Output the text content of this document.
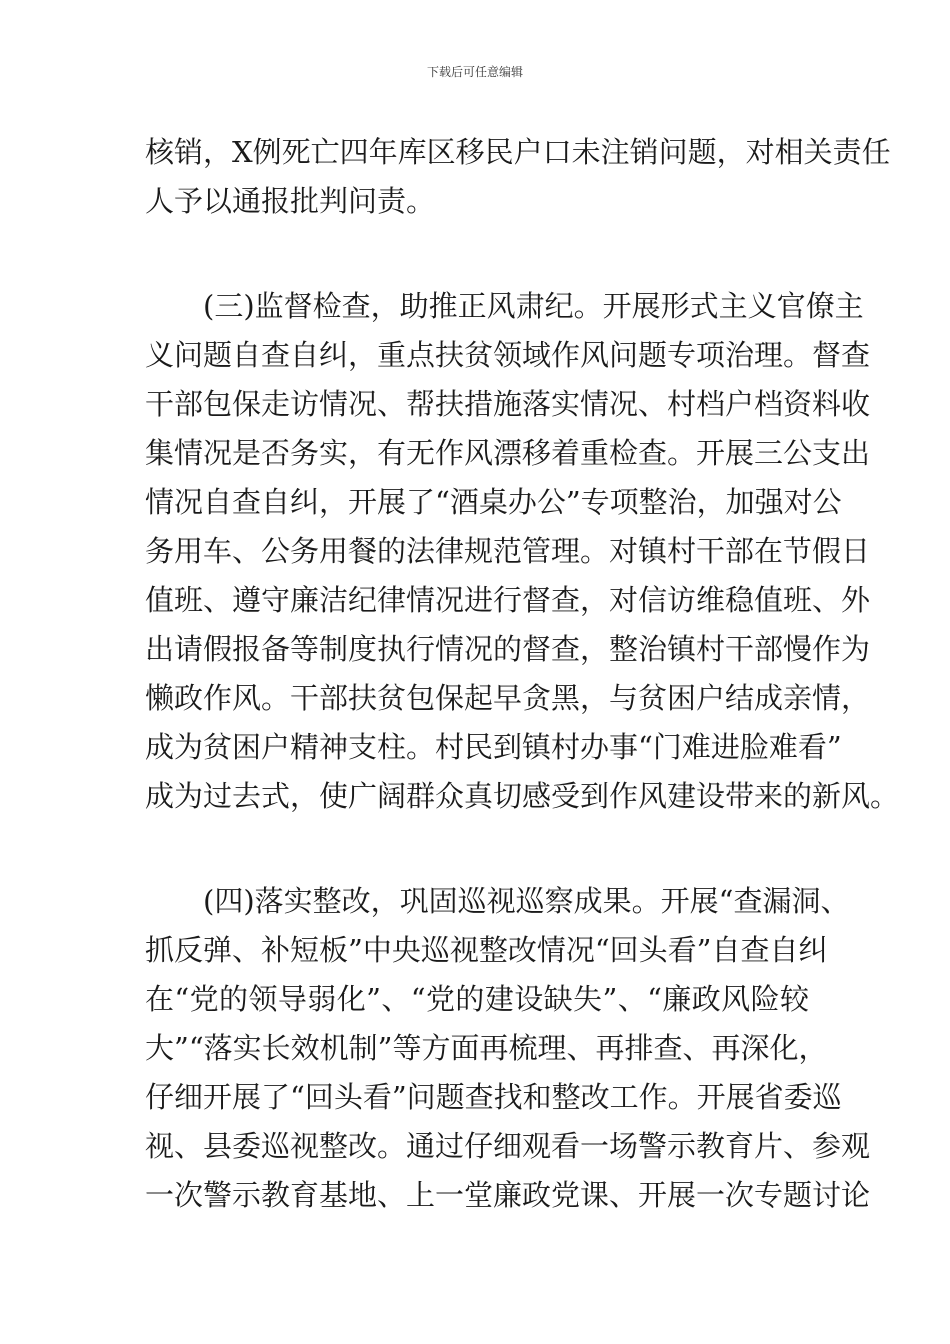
下载后可任意编辑
核销，X例死亡四年库区移民户口未注销问题，对相关责任
人予以通报批判问责。
(三)监督检查，助推正风肃纪。开展形式主义官僚主
义问题自查自纠，重点扶贫领域作风问题专项治理。督查
干部包保走访情况、帮扶措施落实情况、村档户档资料收
集情况是否务实，有无作风漂移着重检查。开展三公支出
情况自查自纠，开展了“酒桌办公”专项整治，加强对公
务用车、公务用餐的法律规范管理。对镇村干部在节假日
值班、遵守廉洁纪律情况进行督查，对信访维稳值班、外
出请假报备等制度执行情况的督查，整治镇村干部慢作为
懒政作风。干部扶贫包保起早贪黑，与贫困户结成亲情，
成为贫困户精神支柱。村民到镇村办事“门难进脸难看”
成为过去式，使广阔群众真切感受到作风建设带来的新风。
(四)落实整改，巩固巡视巡察成果。开展“查漏洞、
抓反弹、补短板”中央巡视整改情况“回头看”自查自纠
在“党的领导弱化”、“党的建设缺失”、“廉政风险较
大”“落实长效机制”等方面再梳理、再排查、再深化，
仔细开展了“回头看”问题查找和整改工作。开展省委巡
视、县委巡视整改。通过仔细观看一场警示教育片、参观
一次警示教育基地、上一堂廉政党课、开展一次专题讨论
